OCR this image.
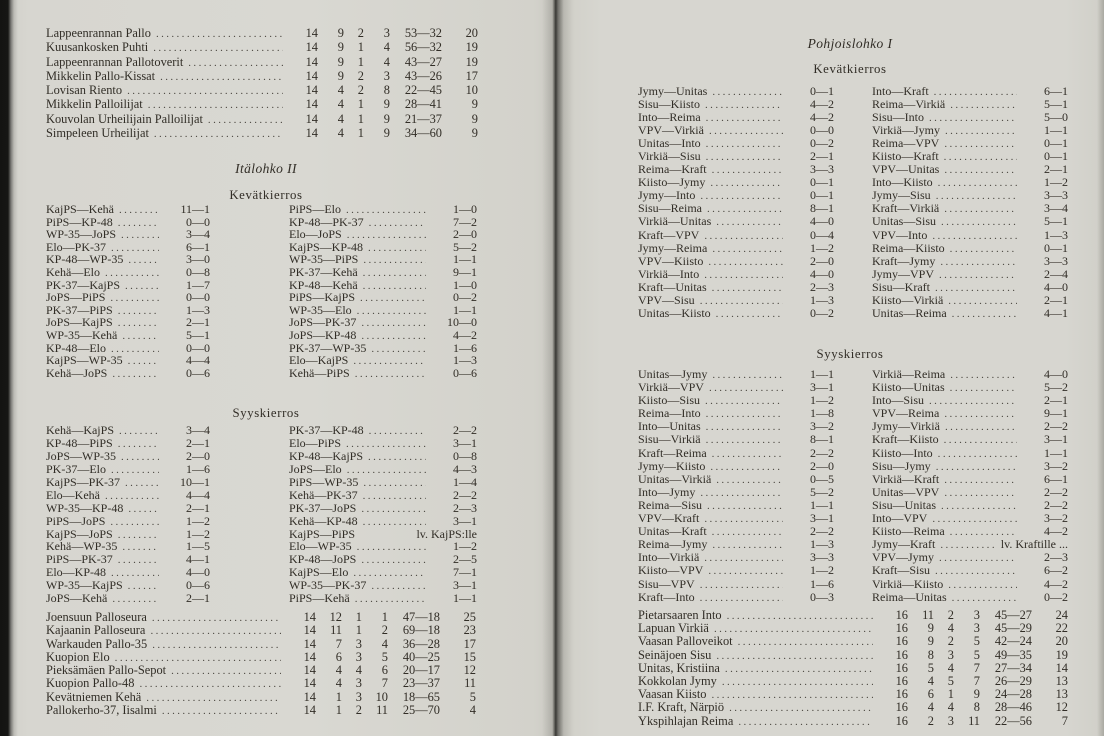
Lappeenrannan Pallo .....	14	9	2	3	53—32	20
Kuusankosken Puhti .....	14	9	1	4	56—32	19
Lappeenrannan Pallotoverit .....	14	9	1	4	43—27	19
Mikkelin Pallo-Kissat .....	14	9	2	3	43—26	17
Lovisan Riento .....	14	4	2	8	22—45	10
Mikkelin Palloilijat .....	14	4	1	9	28—41	9
Kouvolan Urheilijain Palloilijat .....	14	4	1	9	21—37	9
Simpeleen Urheilijat .....	14	4	1	9	34—60	9
Itälohko II
Kevätkierros
KajPS—Kehä .....	11—1
PiPS—KP-48 .....	0—0
WP-35—JoPS .....	3—4
Elo—PK-37 .....	6—1
KP-48—WP-35 .....	3—0
Kehä—Elo .....	0—8
PK-37—KajPS .....	1—7
JoPS—PiPS .....	0—0
PK-37—PiPS .....	1—3
JoPS—KajPS .....	2—1
WP-35—Kehä .....	5—1
KP-48—Elo .....	0—0
KajPS—WP-35 .....	4—4
Kehä—JoPS .....	0—6
PiPS—Elo .....	1—0
KP-48—PK-37 .....	7—2
Elo—JoPS .....	2—0
KajPS—KP-48 .....	5—2
WP-35—PiPS .....	1—1
PK-37—Kehä .....	9—1
KP-48—Kehä .....	1—0
PiPS—KajPS .....	0—2
WP-35—Elo .....	1—1
JoPS—PK-37 .....	10—0
JoPS—KP-48 .....	4—2
PK-37—WP-35 .....	1—6
Elo—KajPS .....	1—3
Kehä—PiPS .....	0—6
Syyskierros
Kehä—KajPS .....	3—4
KP-48—PiPS .....	2—1
JoPS—WP-35 .....	2—0
PK-37—Elo .....	1—6
KajPS—PK-37 .....	10—1
Elo—Kehä .....	4—4
WP-35—KP-48 .....	2—1
PiPS—JoPS .....	1—2
KajPS—JoPS .....	1—2
Kehä—WP-35 .....	1—5
PiPS—PK-37 .....	4—1
Elo—KP-48 .....	4—0
WP-35—KajPS .....	0—6
JoPS—Kehä .....	2—1
PK-37—KP-48 .....	2—2
Elo—PiPS .....	3—1
KP-48—KajPS .....	0—8
JoPS—Elo .....	4—3
PiPS—WP-35 .....	1—4
Kehä—PK-37 .....	2—2
PK-37—JoPS .....	2—3
Kehä—KP-48 .....	3—1
KajPS—PiPS	lv. KajPS:lle
Elo—WP-35 .....	1—2
KP-48—JoPS .....	2—5
KajPS—Elo .....	7—1
WP-35—PK-37 .....	3—1
PiPS—Kehä .....	1—1
Joensuun Palloseura .....	14	12	1	1	47—18	25
Kajaanin Palloseura .....	14	11	1	2	69—18	23
Warkauden Pallo-35 .....	14	7	3	4	36—28	17
Kuopion Elo .....	14	6	3	5	40—25	15
Pieksämäen Pallo-Sepot .....	14	4	4	6	20—17	12
Kuopion Pallo-48 .....	14	4	3	7	23—37	11
Kevätniemen Kehä .....	14	1	3	10	18—65	5
Pallokerho-37, Iisalmi .....	14	1	2	11	25—70	4
Pohjoislohko I
Kevätkierros
Jymy—Unitas .....	0—1
Sisu—Kiisto .....	4—2
Into—Reima .....	4—2
VPV—Virkiä .....	0—0
Unitas—Into .....	0—2
Virkiä—Sisu .....	2—1
Reima—Kraft .....	3—3
Kiisto—Jymy .....	0—1
Jymy—Into .....	0—1
Sisu—Reima .....	8—1
Virkiä—Unitas .....	4—0
Kraft—VPV .....	0—4
Jymy—Reima .....	1—2
VPV—Kiisto .....	2—0
Virkiä—Into .....	4—0
Kraft—Unitas .....	2—3
VPV—Sisu .....	1—3
Unitas—Kiisto .....	0—2
Into—Kraft .....	6—1
Reima—Virkiä .....	5—1
Sisu—Into .....	5—0
Virkiä—Jymy .....	1—1
Reima—VPV .....	0—1
Kiisto—Kraft .....	0—1
VPV—Unitas .....	2—1
Into—Kiisto .....	1—2
Jymy—Sisu .....	3—3
Kraft—Virkiä .....	3—4
Unitas—Sisu .....	5—1
VPV—Into .....	1—3
Reima—Kiisto .....	0—1
Kraft—Jymy .....	3—3
Jymy—VPV .....	2—4
Sisu—Kraft .....	4—0
Kiisto—Virkiä .....	2—1
Unitas—Reima .....	4—1
Syyskierros
Unitas—Jymy .....	1—1
Virkiä—VPV .....	3—1
Kiisto—Sisu .....	1—2
Reima—Into .....	1—8
Into—Unitas .....	3—2
Sisu—Virkiä .....	8—1
Kraft—Reima .....	2—2
Jymy—Kiisto .....	2—0
Unitas—Virkiä .....	0—5
Into—Jymy .....	5—2
Reima—Sisu .....	1—1
VPV—Kraft .....	3—1
Unitas—Kraft .....	2—2
Reima—Jymy .....	1—3
Into—Virkiä .....	3—3
Kiisto—VPV .....	1—2
Sisu—VPV .....	1—6
Kraft—Into .....	0—3
Virkiä—Reima .....	4—0
Kiisto—Unitas .....	5—2
Into—Sisu .....	2—1
VPV—Reima .....	9—1
Jymy—Virkiä .....	2—2
Kraft—Kiisto .....	3—1
Kiisto—Into .....	1—1
Sisu—Jymy .....	3—2
Virkiä—Kraft .....	6—1
Unitas—VPV .....	2—2
Sisu—Unitas .....	2—2
Into—VPV .....	3—2
Kiisto—Reima .....	4—2
Jymy—Kraft .....	lv. Kraftille ...
VPV—Jymy .....	2—3
Kraft—Sisu .....	6—2
Virkiä—Kiisto .....	4—2
Reima—Unitas .....	0—2
Pietarsaaren Into .....	16	11	2	3	45—27	24
Lapuan Virkiä .....	16	9	4	3	45—29	22
Vaasan Palloveikot .....	16	9	2	5	42—24	20
Seinäjoen Sisu .....	16	8	3	5	49—35	19
Unitas, Kristiina .....	16	5	4	7	27—34	14
Kokkolan Jymy .....	16	4	5	7	26—29	13
Vaasan Kiisto .....	16	6	1	9	24—28	13
I.F. Kraft, Närpiö .....	16	4	4	8	28—46	12
Ykspihlajan Reima .....	16	2	3	11	22—56	7
